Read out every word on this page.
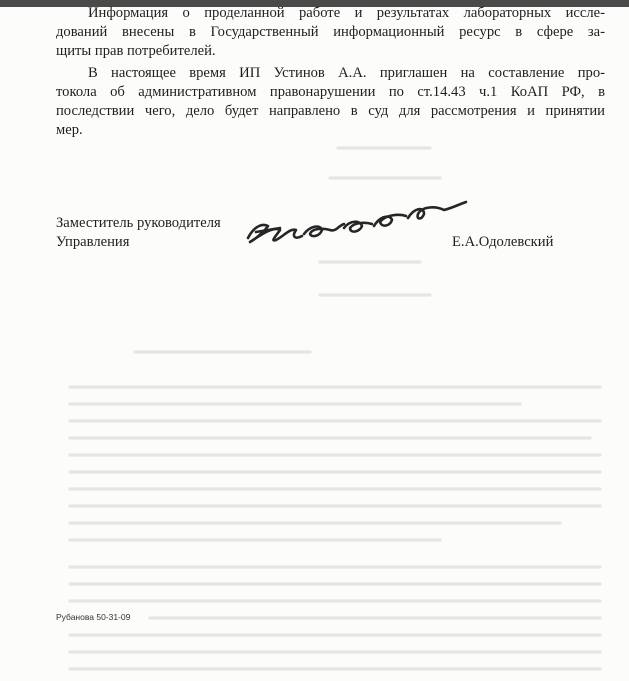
Информация о проделанной работе и результатах лабораторных иссле-
дований внесены в Государственный информационный ресурс в сфере за-
щиты прав потребителей.

В настоящее время ИП Устинов А.А. приглашен на составление про-
токола об административном правонарушении по ст.14.43 ч.1 КоАП РФ, в
последствии чего, дело будет направлено в суд для рассмотрения и принятии
мер.

Заместитель руководителя
Управления	Е.А.Одолевский
Рубанова 50-31-09
